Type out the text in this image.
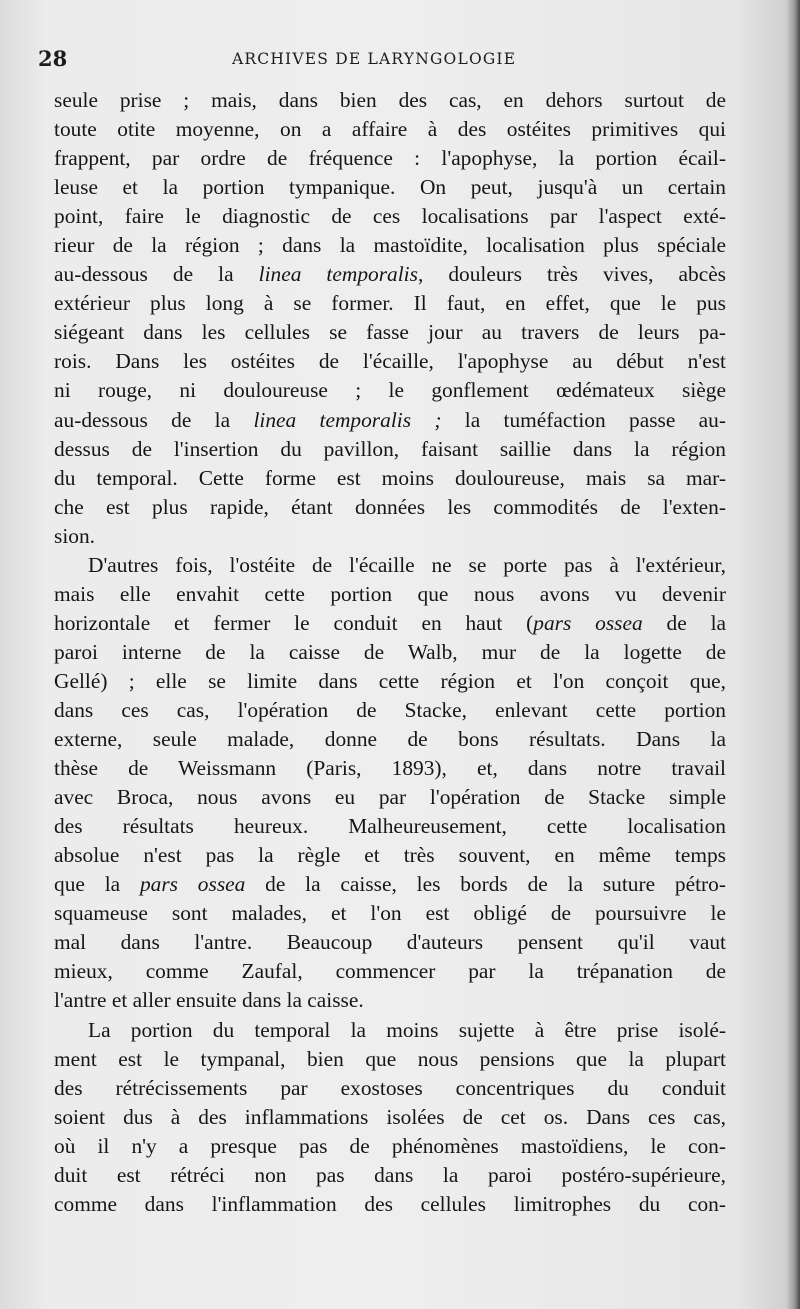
28	ARCHIVES DE LARYNGOLOGIE
seule prise ; mais, dans bien des cas, en dehors surtout de
toute otite moyenne, on a affaire à des ostéites primitives qui
frappent, par ordre de fréquence : l'apophyse, la portion écail-
leuse et la portion tympanique. On peut, jusqu'à un certain
point, faire le diagnostic de ces localisations par l'aspect exté-
rieur de la région ; dans la mastoïdite, localisation plus spéciale
au-dessous de la linea temporalis, douleurs très vives, abcès
extérieur plus long à se former. Il faut, en effet, que le pus
siégeant dans les cellules se fasse jour au travers de leurs pa-
rois. Dans les ostéites de l'écaille, l'apophyse au début n'est
ni rouge, ni douloureuse ; le gonflement œdémateux siège
au-dessous de la linea temporalis ; la tuméfaction passe au-
dessus de l'insertion du pavillon, faisant saillie dans la région
du temporal. Cette forme est moins douloureuse, mais sa mar-
che est plus rapide, étant données les commodités de l'exten-
sion.
D'autres fois, l'ostéite de l'écaille ne se porte pas à l'extérieur,
mais elle envahit cette portion que nous avons vu devenir
horizontale et fermer le conduit en haut (pars ossea de la
paroi interne de la caisse de Walb, mur de la logette de
Gellé) ; elle se limite dans cette région et l'on conçoit que,
dans ces cas, l'opération de Stacke, enlevant cette portion
externe, seule malade, donne de bons résultats. Dans la
thèse de Weissmann (Paris, 1893), et, dans notre travail
avec Broca, nous avons eu par l'opération de Stacke simple
des résultats heureux. Malheureusement, cette localisation
absolue n'est pas la règle et très souvent, en même temps
que la pars ossea de la caisse, les bords de la suture pétro-
squameuse sont malades, et l'on est obligé de poursuivre le
mal dans l'antre. Beaucoup d'auteurs pensent qu'il vaut
mieux, comme Zaufal, commencer par la trépanation de
l'antre et aller ensuite dans la caisse.
La portion du temporal la moins sujette à être prise isolé-
ment est le tympanal, bien que nous pensions que la plupart
des rétrécissements par exostoses concentriques du conduit
soient dus à des inflammations isolées de cet os. Dans ces cas,
où il n'y a presque pas de phénomènes mastoïdiens, le con-
duit est rétréci non pas dans la paroi postéro-supérieure,
comme dans l'inflammation des cellules limitrophes du con-
